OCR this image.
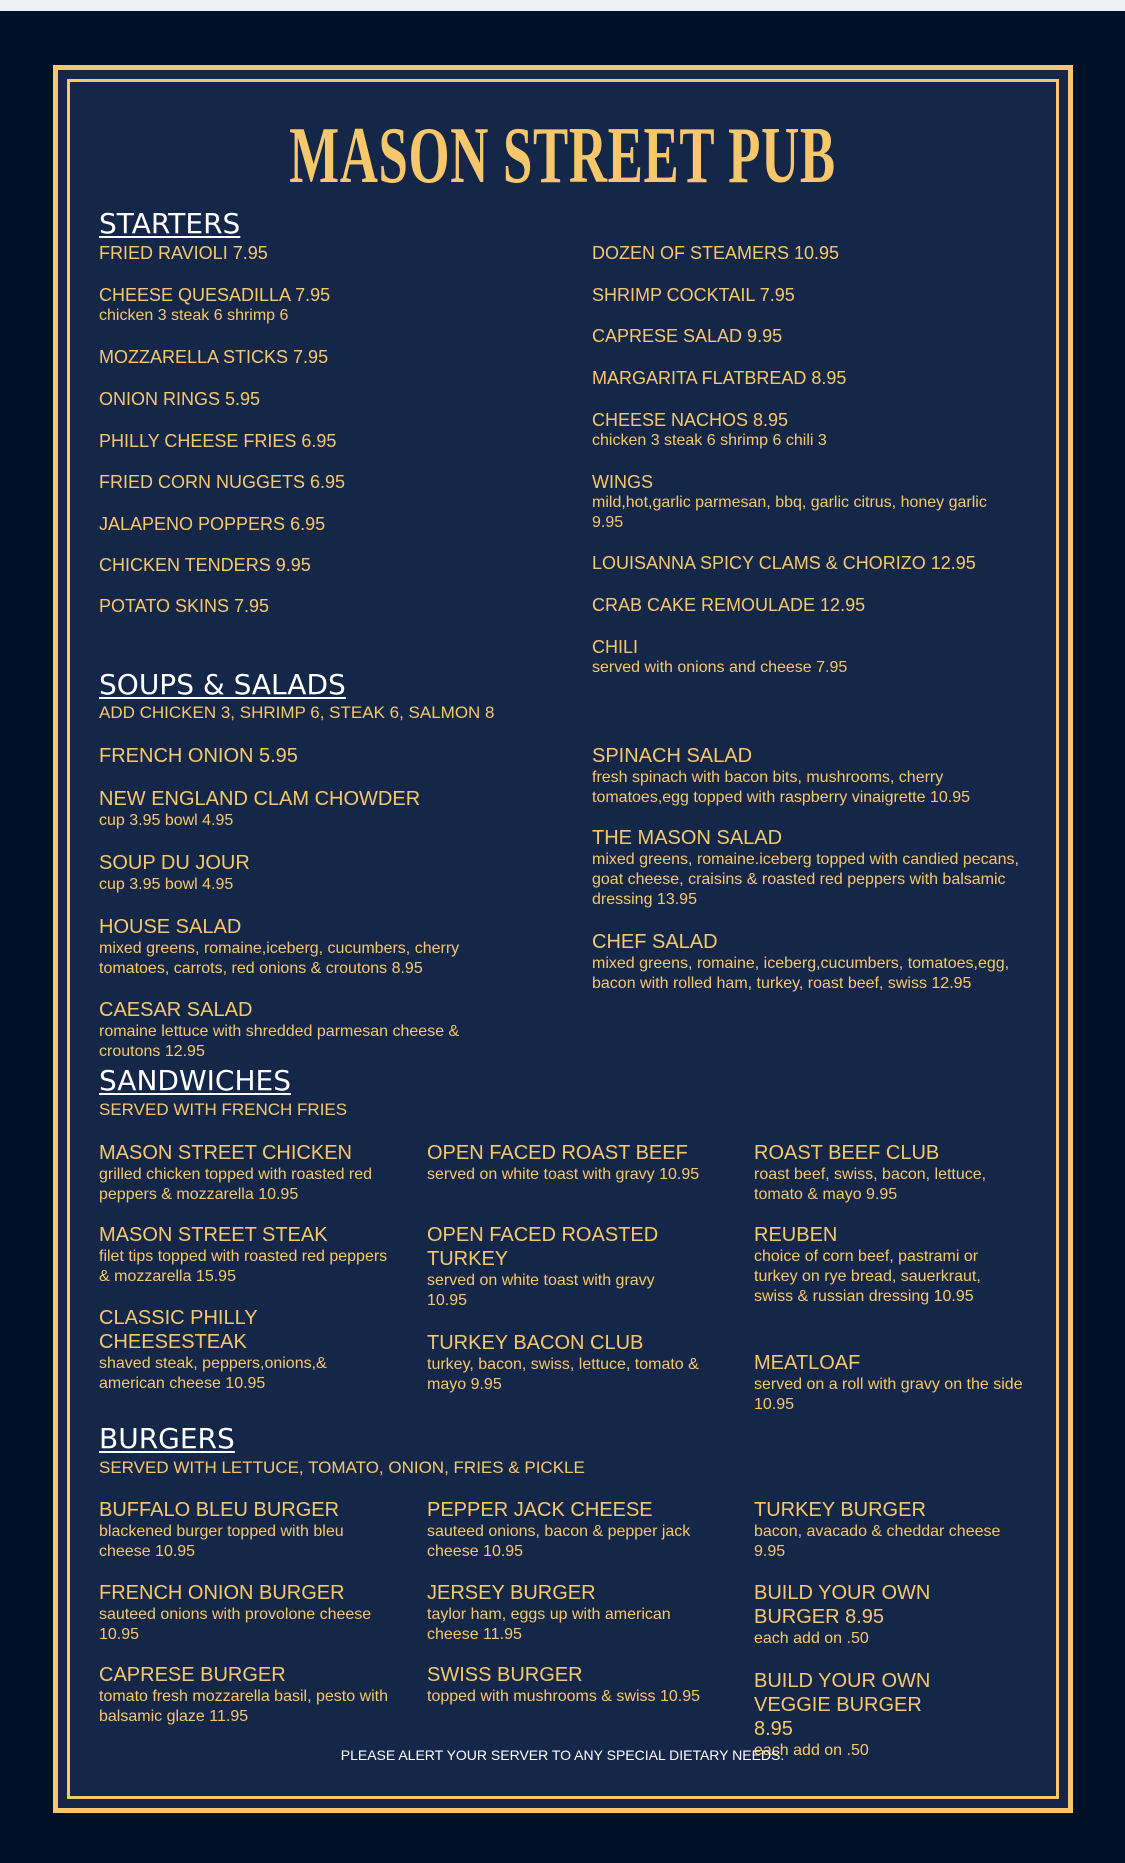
MASON STREET PUB
STARTERS
FRIED RAVIOLI 7.95
CHEESE QUESADILLA 7.95
chicken 3 steak 6 shrimp 6
MOZZARELLA STICKS 7.95
ONION RINGS 5.95
PHILLY CHEESE FRIES 6.95
FRIED CORN NUGGETS 6.95
JALAPENO POPPERS 6.95
CHICKEN TENDERS 9.95
POTATO SKINS 7.95
DOZEN OF STEAMERS 10.95
SHRIMP COCKTAIL 7.95
CAPRESE SALAD 9.95
MARGARITA FLATBREAD 8.95
CHEESE NACHOS 8.95
chicken 3 steak 6 shrimp 6 chili 3
WINGS
mild,hot,garlic parmesan, bbq, garlic citrus, honey garlic 9.95
LOUISANNA SPICY CLAMS & CHORIZO 12.95
CRAB CAKE REMOULADE 12.95
CHILI
served with onions and cheese 7.95
SOUPS & SALADS
ADD CHICKEN 3, SHRIMP 6, STEAK 6, SALMON 8
FRENCH ONION 5.95
NEW ENGLAND CLAM CHOWDER
cup 3.95 bowl 4.95
SOUP DU JOUR
cup 3.95 bowl 4.95
HOUSE SALAD
mixed greens, romaine,iceberg, cucumbers, cherry tomatoes, carrots, red onions & croutons 8.95
CAESAR SALAD
romaine lettuce with shredded parmesan cheese & croutons 12.95
SPINACH SALAD
fresh spinach with bacon bits, mushrooms, cherry tomatoes,egg topped with raspberry vinaigrette 10.95
THE MASON SALAD
mixed greens, romaine.iceberg topped with candied pecans, goat cheese, craisins & roasted red peppers with balsamic dressing 13.95
CHEF SALAD
mixed greens, romaine, iceberg,cucumbers, tomatoes,egg, bacon with rolled ham, turkey, roast beef, swiss 12.95
SANDWICHES
SERVED WITH FRENCH FRIES
MASON STREET CHICKEN
grilled chicken topped with roasted red peppers & mozzarella 10.95
MASON STREET STEAK
filet tips topped with roasted red peppers & mozzarella 15.95
CLASSIC PHILLY CHEESESTEAK
shaved steak, peppers,onions,& american cheese 10.95
OPEN FACED ROAST BEEF
served on white toast with gravy 10.95
OPEN FACED ROASTED TURKEY
served on white toast with gravy 10.95
TURKEY BACON CLUB
turkey, bacon, swiss, lettuce, tomato & mayo 9.95
ROAST BEEF CLUB
roast beef, swiss, bacon, lettuce, tomato & mayo 9.95
REUBEN
choice of corn beef, pastrami or turkey on rye bread, sauerkraut, swiss & russian dressing 10.95
MEATLOAF
served on a roll with gravy on the side 10.95
BURGERS
SERVED WITH LETTUCE, TOMATO, ONION, FRIES & PICKLE
BUFFALO BLEU BURGER
blackened burger topped with bleu cheese 10.95
FRENCH ONION BURGER
sauteed onions with provolone cheese 10.95
CAPRESE BURGER
tomato fresh mozzarella basil, pesto with balsamic glaze 11.95
PEPPER JACK CHEESE
sauteed onions, bacon & pepper jack cheese 10.95
JERSEY BURGER
taylor ham, eggs up with american cheese 11.95
SWISS BURGER
topped with mushrooms & swiss 10.95
TURKEY BURGER
bacon, avacado & cheddar cheese 9.95
BUILD YOUR OWN BURGER 8.95
each add on .50
BUILD YOUR OWN VEGGIE BURGER 8.95
each add on .50
PLEASE ALERT YOUR SERVER TO ANY SPECIAL DIETARY NEEDS.
